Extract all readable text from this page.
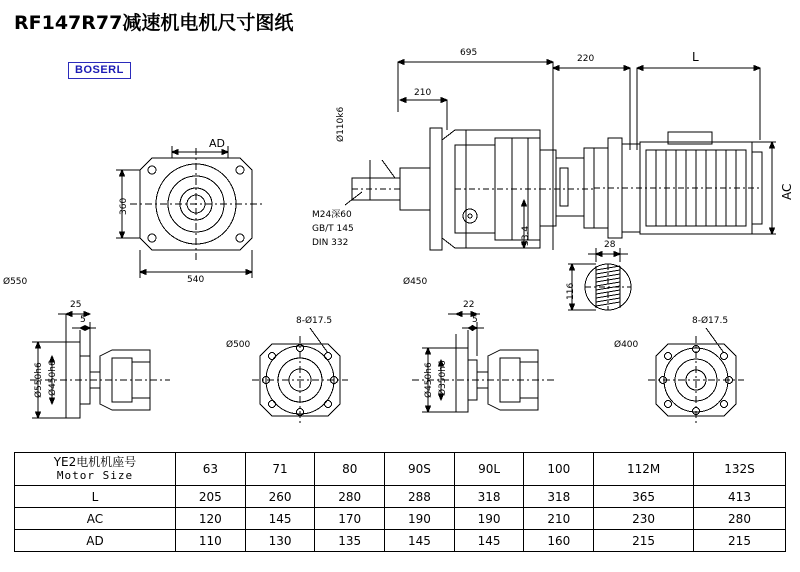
RF147R77减速机电机尺寸图纸
BOSERL
695
220	L
210
Ø110k6
M24深60
GB/T 145
DIN 332	33.4
AC
28
116
AD
360
540
Ø550	Ø450
25
5
Ø550h6 Ø450h6
8-Ø17.5
Ø500
22
5
Ø450h6 Ø350h6
8-Ø17.5
Ø400
YE2电机机座号
Motor Size	63	71	80	90S	90L	100	112M	132S
L	205	260	280	288	318	318	365	413
AC	120	145	170	190	190	210	230	280
AD	110	130	135	145	145	160	215	215
